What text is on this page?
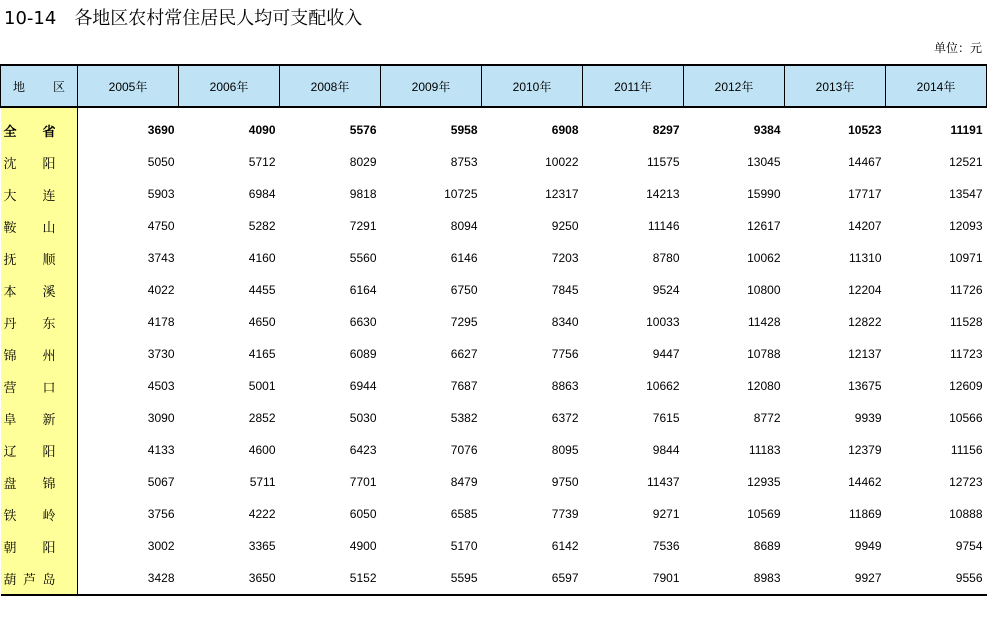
10-14 各地区农村常住居民人均可支配收入
单位：元
地 区	2005年	2006年	2008年	2009年	2010年	2011年	2012年	2013年	2014年

全 省	3690	4090	5576	5958	6908	8297	9384	10523	11191

沈 阳	5050	5712	8029	8753	10022	11575	13045	14467	12521

大 连	5903	6984	9818	10725	12317	14213	15990	17717	13547

鞍 山	4750	5282	7291	8094	9250	11146	12617	14207	12093

抚 顺	3743	4160	5560	6146	7203	8780	10062	11310	10971

本 溪	4022	4455	6164	6750	7845	9524	10800	12204	11726

丹 东	4178	4650	6630	7295	8340	10033	11428	12822	11528

锦 州	3730	4165	6089	6627	7756	9447	10788	12137	11723

营 口	4503	5001	6944	7687	8863	10662	12080	13675	12609

阜 新	3090	2852	5030	5382	6372	7615	8772	9939	10566

辽 阳	4133	4600	6423	7076	8095	9844	11183	12379	11156

盘 锦	5067	5711	7701	8479	9750	11437	12935	14462	12723

铁 岭	3756	4222	6050	6585	7739	9271	10569	11869	10888

朝 阳	3002	3365	4900	5170	6142	7536	8689	9949	9754

葫 芦 岛	3428	3650	5152	5595	6597	7901	8983	9927	9556
